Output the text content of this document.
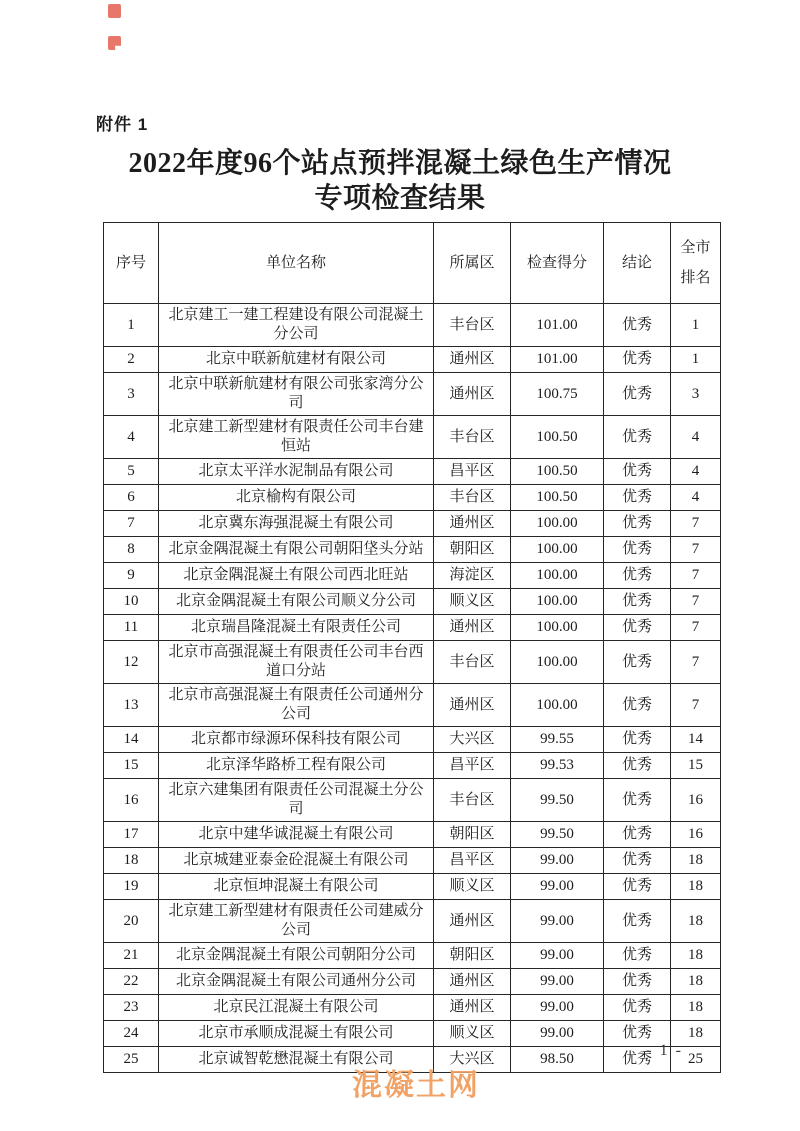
附件 1
2022年度96个站点预拌混凝土绿色生产情况
专项检查结果
序号	单位名称	所属区	检查得分	结论	全市排名
1	北京建工一建工程建设有限公司混凝土分公司	丰台区	101.00	优秀	1
2	北京中联新航建材有限公司	通州区	101.00	优秀	1
3	北京中联新航建材有限公司张家湾分公司	通州区	100.75	优秀	3
4	北京建工新型建材有限责任公司丰台建恒站	丰台区	100.50	优秀	4
5	北京太平洋水泥制品有限公司	昌平区	100.50	优秀	4
6	北京榆构有限公司	丰台区	100.50	优秀	4
7	北京冀东海强混凝土有限公司	通州区	100.00	优秀	7
8	北京金隅混凝土有限公司朝阳垡头分站	朝阳区	100.00	优秀	7
9	北京金隅混凝土有限公司西北旺站	海淀区	100.00	优秀	7
10	北京金隅混凝土有限公司顺义分公司	顺义区	100.00	优秀	7
11	北京瑞昌隆混凝土有限责任公司	通州区	100.00	优秀	7
12	北京市高强混凝土有限责任公司丰台西道口分站	丰台区	100.00	优秀	7
13	北京市高强混凝土有限责任公司通州分公司	通州区	100.00	优秀	7
14	北京都市绿源环保科技有限公司	大兴区	99.55	优秀	14
15	北京泽华路桥工程有限公司	昌平区	99.53	优秀	15
16	北京六建集团有限责任公司混凝土分公司	丰台区	99.50	优秀	16
17	北京中建华诚混凝土有限公司	朝阳区	99.50	优秀	16
18	北京城建亚泰金砼混凝土有限公司	昌平区	99.00	优秀	18
19	北京恒坤混凝土有限公司	顺义区	99.00	优秀	18
20	北京建工新型建材有限责任公司建威分公司	通州区	99.00	优秀	18
21	北京金隅混凝土有限公司朝阳分公司	朝阳区	99.00	优秀	18
22	北京金隅混凝土有限公司通州分公司	通州区	99.00	优秀	18
23	北京民江混凝土有限公司	通州区	99.00	优秀	18
24	北京市承顺成混凝土有限公司	顺义区	99.00	优秀	18
25	北京诚智乾懋混凝土有限公司	大兴区	98.50	优秀	25
- 1 -
混凝土网
